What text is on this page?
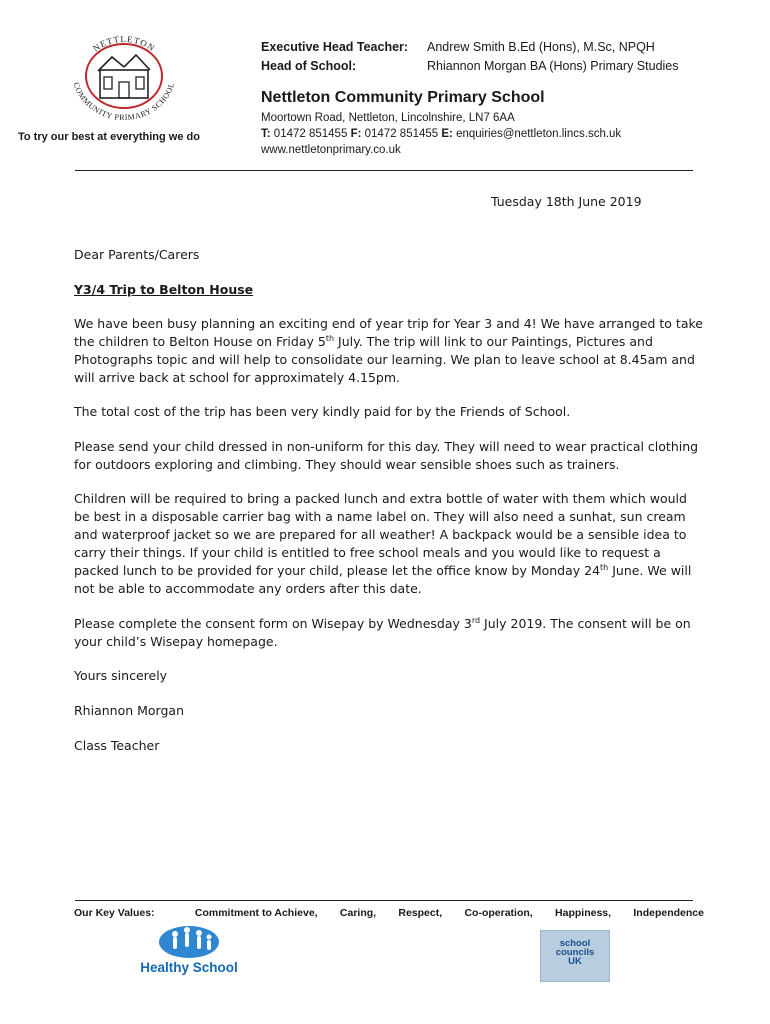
NETTLETON
COMMUNITY PRIMARY SCHOOL
To try our best at everything we do
Executive Head Teacher:	Andrew Smith B.Ed (Hons), M.Sc, NPQH
Head of School:	Rhiannon Morgan BA (Hons) Primary Studies
Nettleton Community Primary School
Moortown Road, Nettleton, Lincolnshire, LN7 6AA
T: 01472 851455 F: 01472 851455 E: enquiries@nettleton.lincs.sch.uk
www.nettletonprimary.co.uk
Tuesday 18th June 2019
Dear Parents/Carers
Y3/4 Trip to Belton House
We have been busy planning an exciting end of year trip for Year 3 and 4! We have arranged to take
the children to Belton House on Friday 5th July. The trip will link to our Paintings, Pictures and
Photographs topic and will help to consolidate our learning. We plan to leave school at 8.45am and
will arrive back at school for approximately 4.15pm.
The total cost of the trip has been very kindly paid for by the Friends of School.
Please send your child dressed in non-uniform for this day. They will need to wear practical clothing
for outdoors exploring and climbing. They should wear sensible shoes such as trainers.
Children will be required to bring a packed lunch and extra bottle of water with them which would
be best in a disposable carrier bag with a name label on. They will also need a sunhat, sun cream
and waterproof jacket so we are prepared for all weather! A backpack would be a sensible idea to
carry their things. If your child is entitled to free school meals and you would like to request a
packed lunch to be provided for your child, please let the office know by Monday 24th June. We will
not be able to accommodate any orders after this date.
Please complete the consent form on Wisepay by Wednesday 3rd July 2019. The consent will be on
your child’s Wisepay homepage.
Yours sincerely
Rhiannon Morgan
Class Teacher
Our Key Values:	Commitment to Achieve, Caring, Respect, Co-operation, Happiness, Independence
Healthy School
school
councils
UK
